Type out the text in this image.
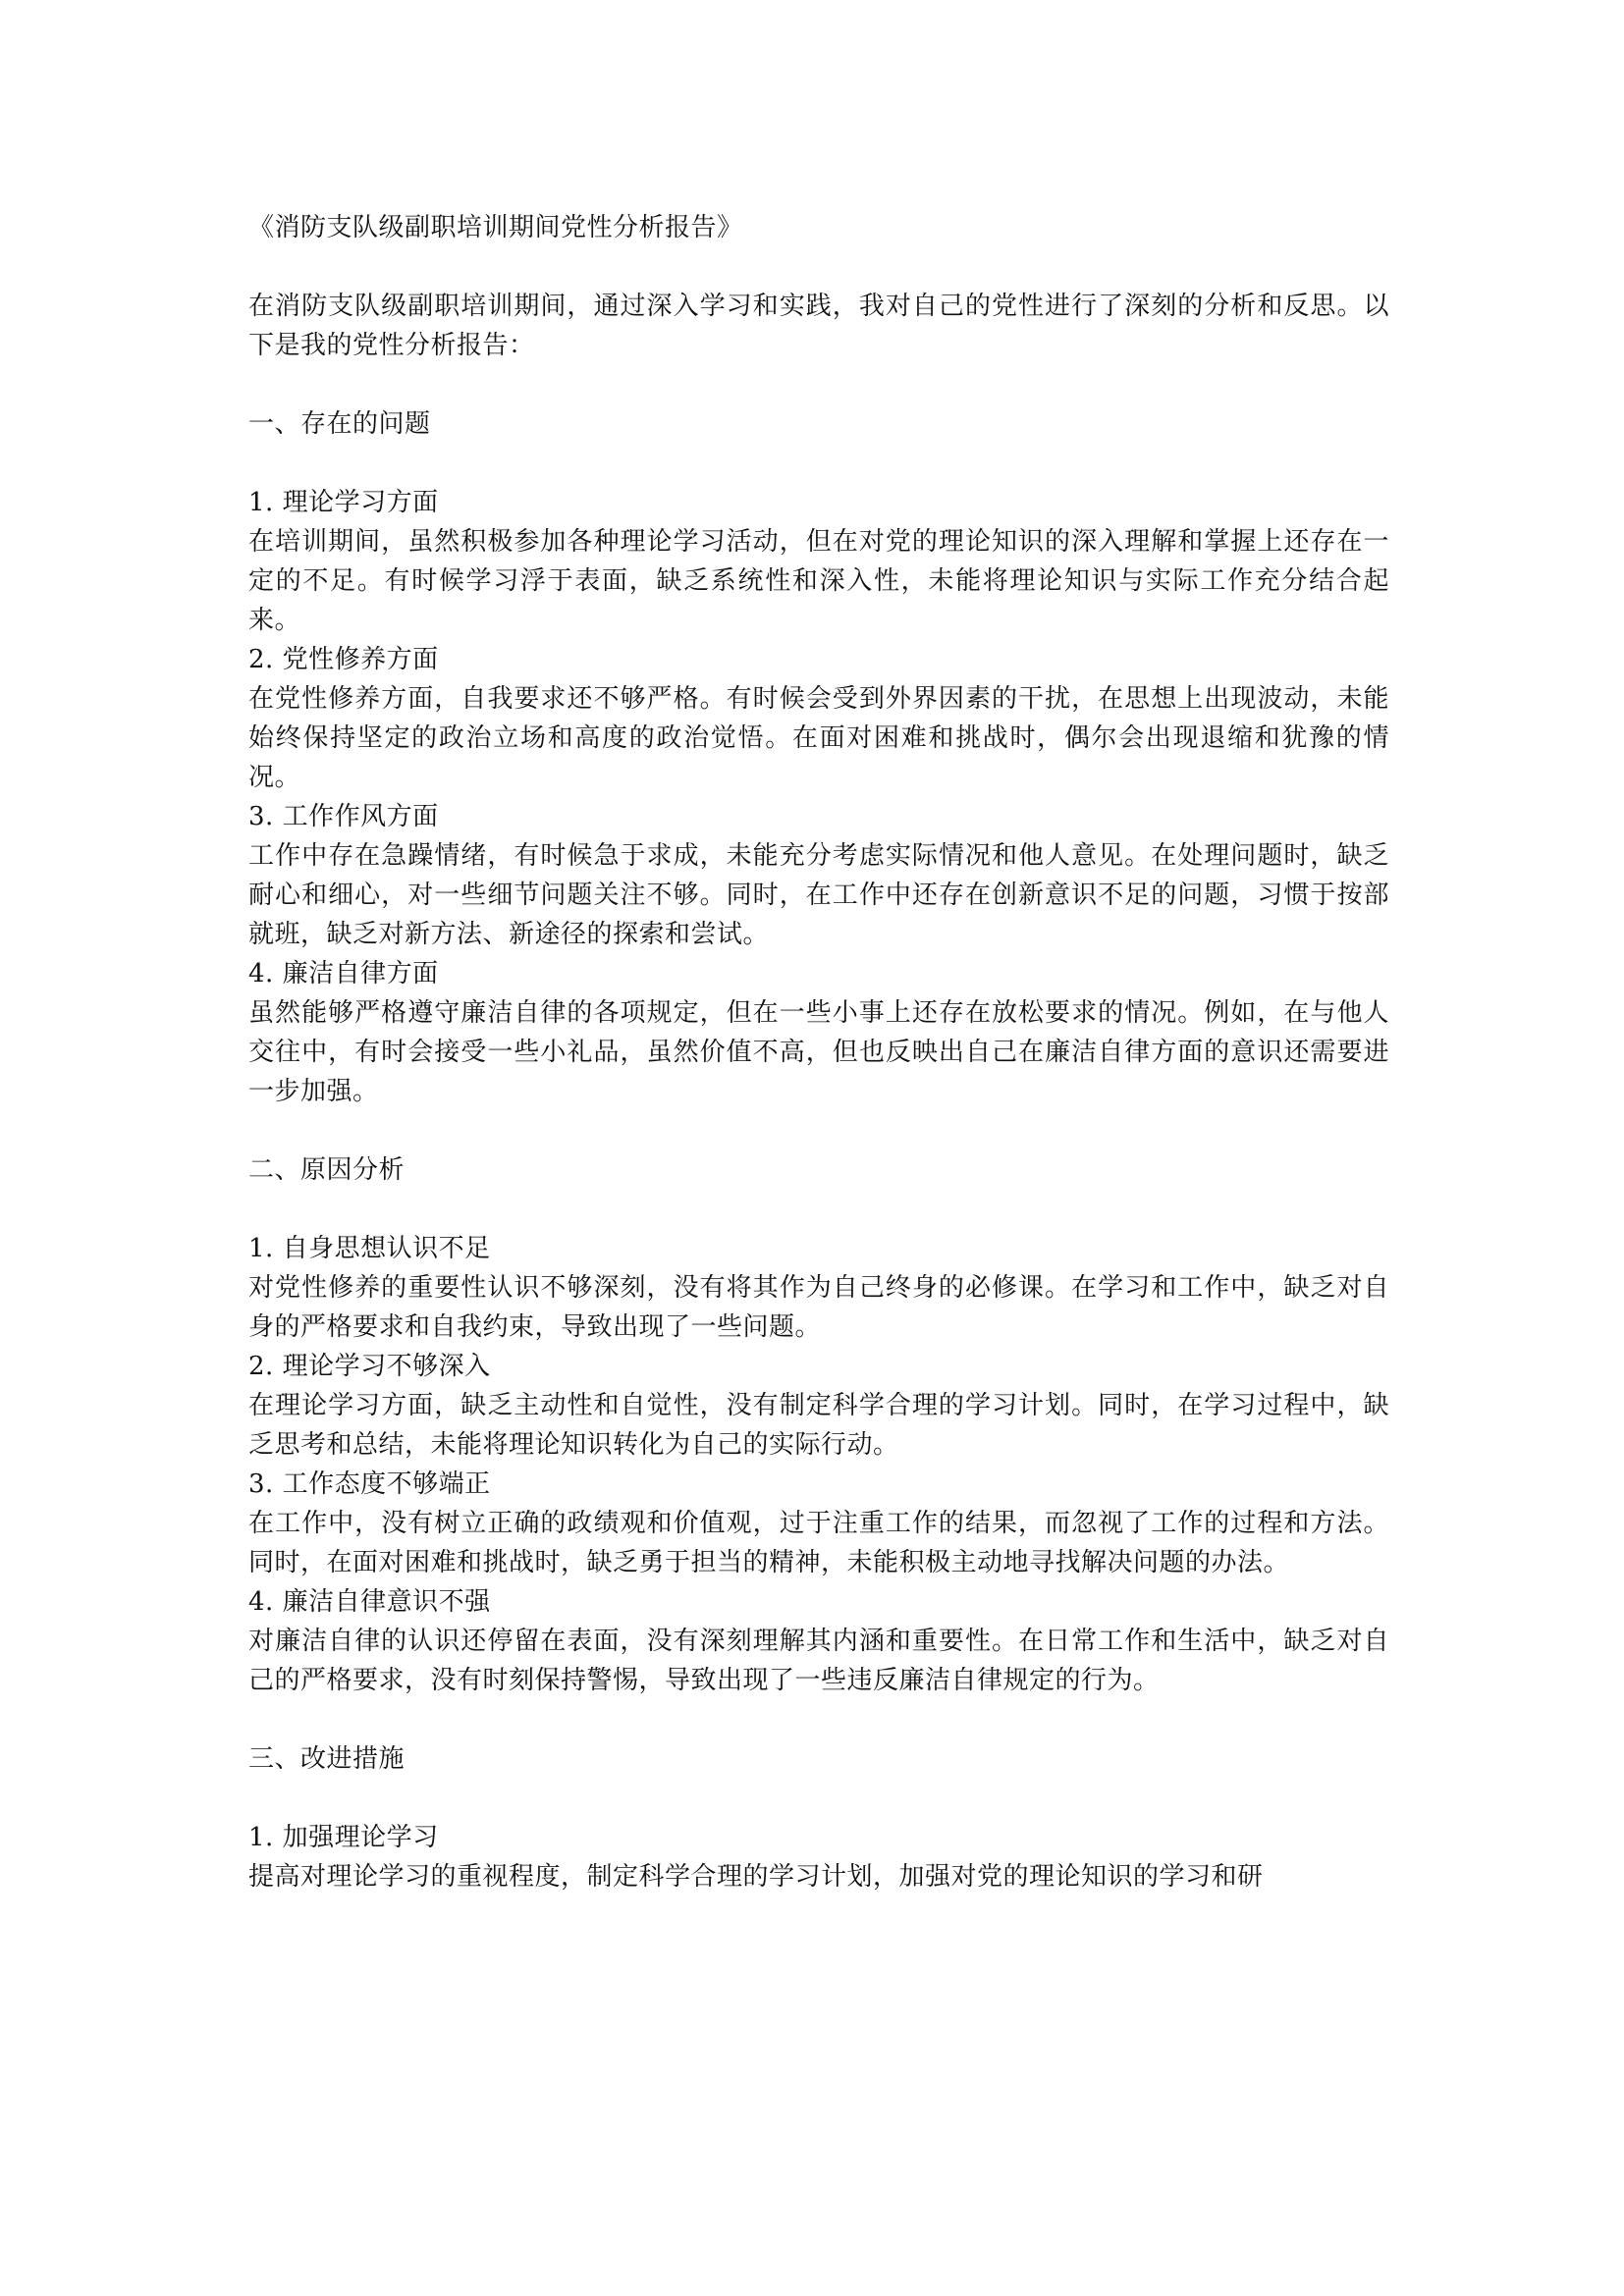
《消防支队级副职培训期间党性分析报告》

在消防支队级副职培训期间，通过深入学习和实践，我对自己的党性进行了深刻的分析和反思。以下是我的党性分析报告：

一、存在的问题

1. 理论学习方面

在培训期间，虽然积极参加各种理论学习活动，但在对党的理论知识的深入理解和掌握上还存在一定的不足。有时候学习浮于表面，缺乏系统性和深入性，未能将理论知识与实际工作充分结合起来。

2. 党性修养方面

在党性修养方面，自我要求还不够严格。有时候会受到外界因素的干扰，在思想上出现波动，未能始终保持坚定的政治立场和高度的政治觉悟。在面对困难和挑战时，偶尔会出现退缩和犹豫的情况。

3. 工作作风方面

工作中存在急躁情绪，有时候急于求成，未能充分考虑实际情况和他人意见。在处理问题时，缺乏耐心和细心，对一些细节问题关注不够。同时，在工作中还存在创新意识不足的问题，习惯于按部就班，缺乏对新方法、新途径的探索和尝试。

4. 廉洁自律方面

虽然能够严格遵守廉洁自律的各项规定，但在一些小事上还存在放松要求的情况。例如，在与他人交往中，有时会接受一些小礼品，虽然价值不高，但也反映出自己在廉洁自律方面的意识还需要进一步加强。

二、原因分析

1. 自身思想认识不足

对党性修养的重要性认识不够深刻，没有将其作为自己终身的必修课。在学习和工作中，缺乏对自身的严格要求和自我约束，导致出现了一些问题。

2. 理论学习不够深入

在理论学习方面，缺乏主动性和自觉性，没有制定科学合理的学习计划。同时，在学习过程中，缺乏思考和总结，未能将理论知识转化为自己的实际行动。

3. 工作态度不够端正

在工作中，没有树立正确的政绩观和价值观，过于注重工作的结果，而忽视了工作的过程和方法。同时，在面对困难和挑战时，缺乏勇于担当的精神，未能积极主动地寻找解决问题的办法。

4. 廉洁自律意识不强

对廉洁自律的认识还停留在表面，没有深刻理解其内涵和重要性。在日常工作和生活中，缺乏对自己的严格要求，没有时刻保持警惕，导致出现了一些违反廉洁自律规定的行为。

三、改进措施

1. 加强理论学习

提高对理论学习的重视程度，制定科学合理的学习计划，加强对党的理论知识的学习和研
